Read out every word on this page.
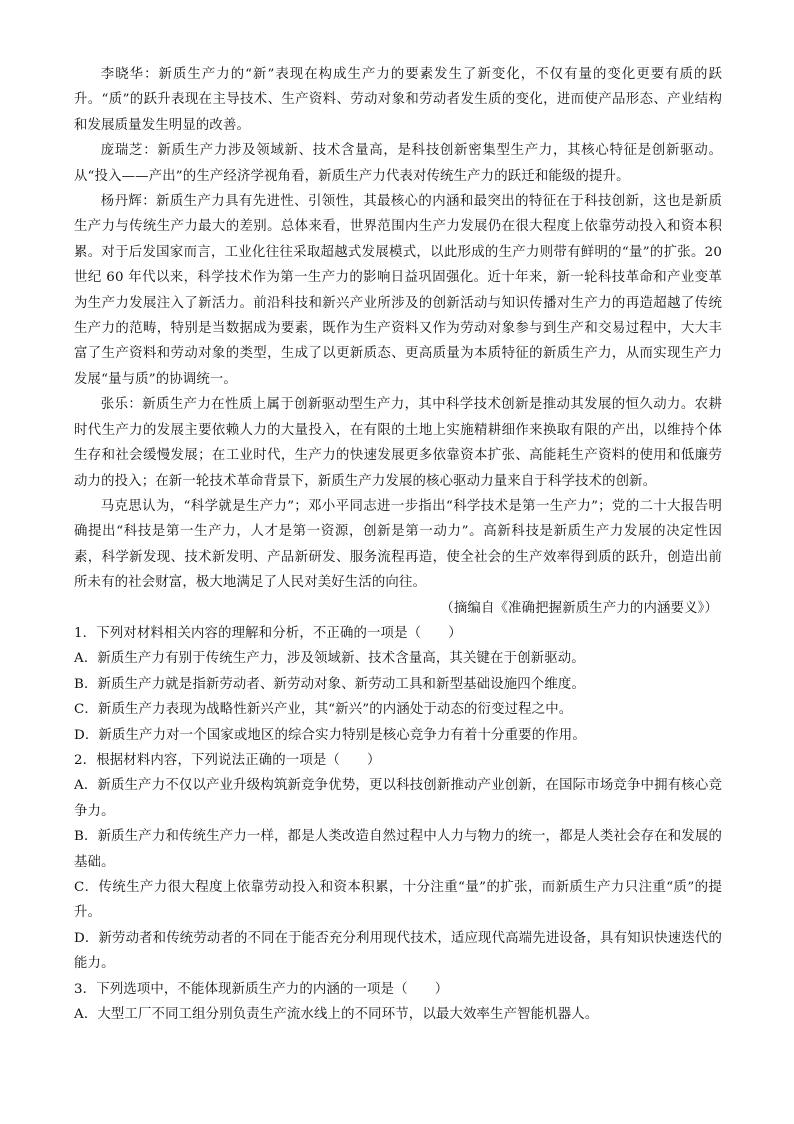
李晓华：新质生产力的“新”表现在构成生产力的要素发生了新变化，不仅有量的变化更要有质的跃升。“质”的跃升表现在主导技术、生产资料、劳动对象和劳动者发生质的变化，进而使产品形态、产业结构和发展质量发生明显的改善。

庞瑞芝：新质生产力涉及领域新、技术含量高，是科技创新密集型生产力，其核心特征是创新驱动。从“投入——产出”的生产经济学视角看，新质生产力代表对传统生产力的跃迁和能级的提升。

杨丹辉：新质生产力具有先进性、引领性，其最核心的内涵和最突出的特征在于科技创新，这也是新质生产力与传统生产力最大的差别。总体来看，世界范围内生产力发展仍在很大程度上依靠劳动投入和资本积累。对于后发国家而言，工业化往往采取超越式发展模式，以此形成的生产力则带有鲜明的“量”的扩张。20 世纪 60 年代以来，科学技术作为第一生产力的影响日益巩固强化。近十年来，新一轮科技革命和产业变革为生产力发展注入了新活力。前沿科技和新兴产业所涉及的创新活动与知识传播对生产力的再造超越了传统生产力的范畴，特别是当数据成为要素，既作为生产资料又作为劳动对象参与到生产和交易过程中，大大丰富了生产资料和劳动对象的类型，生成了以更新质态、更高质量为本质特征的新质生产力，从而实现生产力发展“量与质”的协调统一。

张乐：新质生产力在性质上属于创新驱动型生产力，其中科学技术创新是推动其发展的恒久动力。农耕时代生产力的发展主要依赖人力的大量投入，在有限的土地上实施精耕细作来换取有限的产出，以维持个体生存和社会缓慢发展；在工业时代，生产力的快速发展更多依靠资本扩张、高能耗生产资料的使用和低廉劳动力的投入；在新一轮技术革命背景下，新质生产力发展的核心驱动力量来自于科学技术的创新。

马克思认为，“科学就是生产力”；邓小平同志进一步指出“科学技术是第一生产力”；党的二十大报告明确提出“科技是第一生产力，人才是第一资源，创新是第一动力”。高新科技是新质生产力发展的决定性因素，科学新发现、技术新发明、产品新研发、服务流程再造，使全社会的生产效率得到质的跃升，创造出前所未有的社会财富，极大地满足了人民对美好生活的向往。

（摘编自《准确把握新质生产力的内涵要义》）

1．下列对材料相关内容的理解和分析，不正确的一项是（　　）

A．新质生产力有别于传统生产力，涉及领域新、技术含量高，其关键在于创新驱动。

B．新质生产力就是指新劳动者、新劳动对象、新劳动工具和新型基础设施四个维度。

C．新质生产力表现为战略性新兴产业，其“新兴”的内涵处于动态的衍变过程之中。

D．新质生产力对一个国家或地区的综合实力特别是核心竞争力有着十分重要的作用。

2．根据材料内容，下列说法正确的一项是（　　）

A．新质生产力不仅以产业升级构筑新竞争优势，更以科技创新推动产业创新，在国际市场竞争中拥有核心竞争力。

B．新质生产力和传统生产力一样，都是人类改造自然过程中人力与物力的统一，都是人类社会存在和发展的基础。

C．传统生产力很大程度上依靠劳动投入和资本积累，十分注重“量”的扩张，而新质生产力只注重“质”的提升。

D．新劳动者和传统劳动者的不同在于能否充分利用现代技术，适应现代高端先进设备，具有知识快速迭代的能力。

3．下列选项中，不能体现新质生产力的内涵的一项是（　　）

A．大型工厂不同工组分别负责生产流水线上的不同环节，以最大效率生产智能机器人。
